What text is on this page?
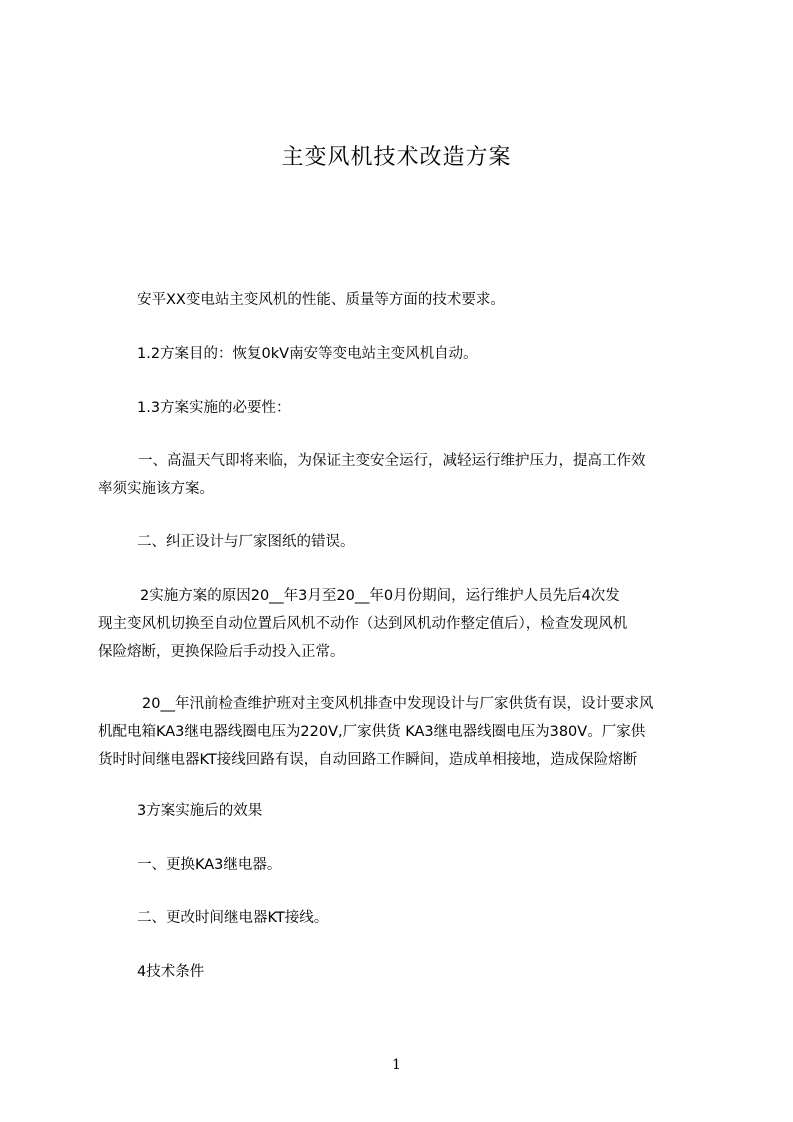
主变风机技术改造方案
安平XX变电站主变风机的性能、质量等方面的技术要求。
1.2方案目的：恢复0kV南安等变电站主变风机自动。
1.3方案实施的必要性：
一、高温天气即将来临，为保证主变安全运行，减轻运行维护压力，提高工作效
率须实施该方案。
二、纠正设计与厂家图纸的错误。
2实施方案的原因20__年3月至20__年0月份期间，运行维护人员先后4次发
现主变风机切换至自动位置后风机不动作（达到风机动作整定值后），检查发现风机
保险熔断，更换保险后手动投入正常。
20__年汛前检查维护班对主变风机排查中发现设计与厂家供货有误，设计要求风
机配电箱KA3继电器线圈电压为220V,厂家供货 KA3继电器线圈电压为380V。厂家供
货时时间继电器KT接线回路有误，自动回路工作瞬间，造成单相接地，造成保险熔断
3方案实施后的效果
一、更换KA3继电器。
二、更改时间继电器KT接线。
4技术条件
1
